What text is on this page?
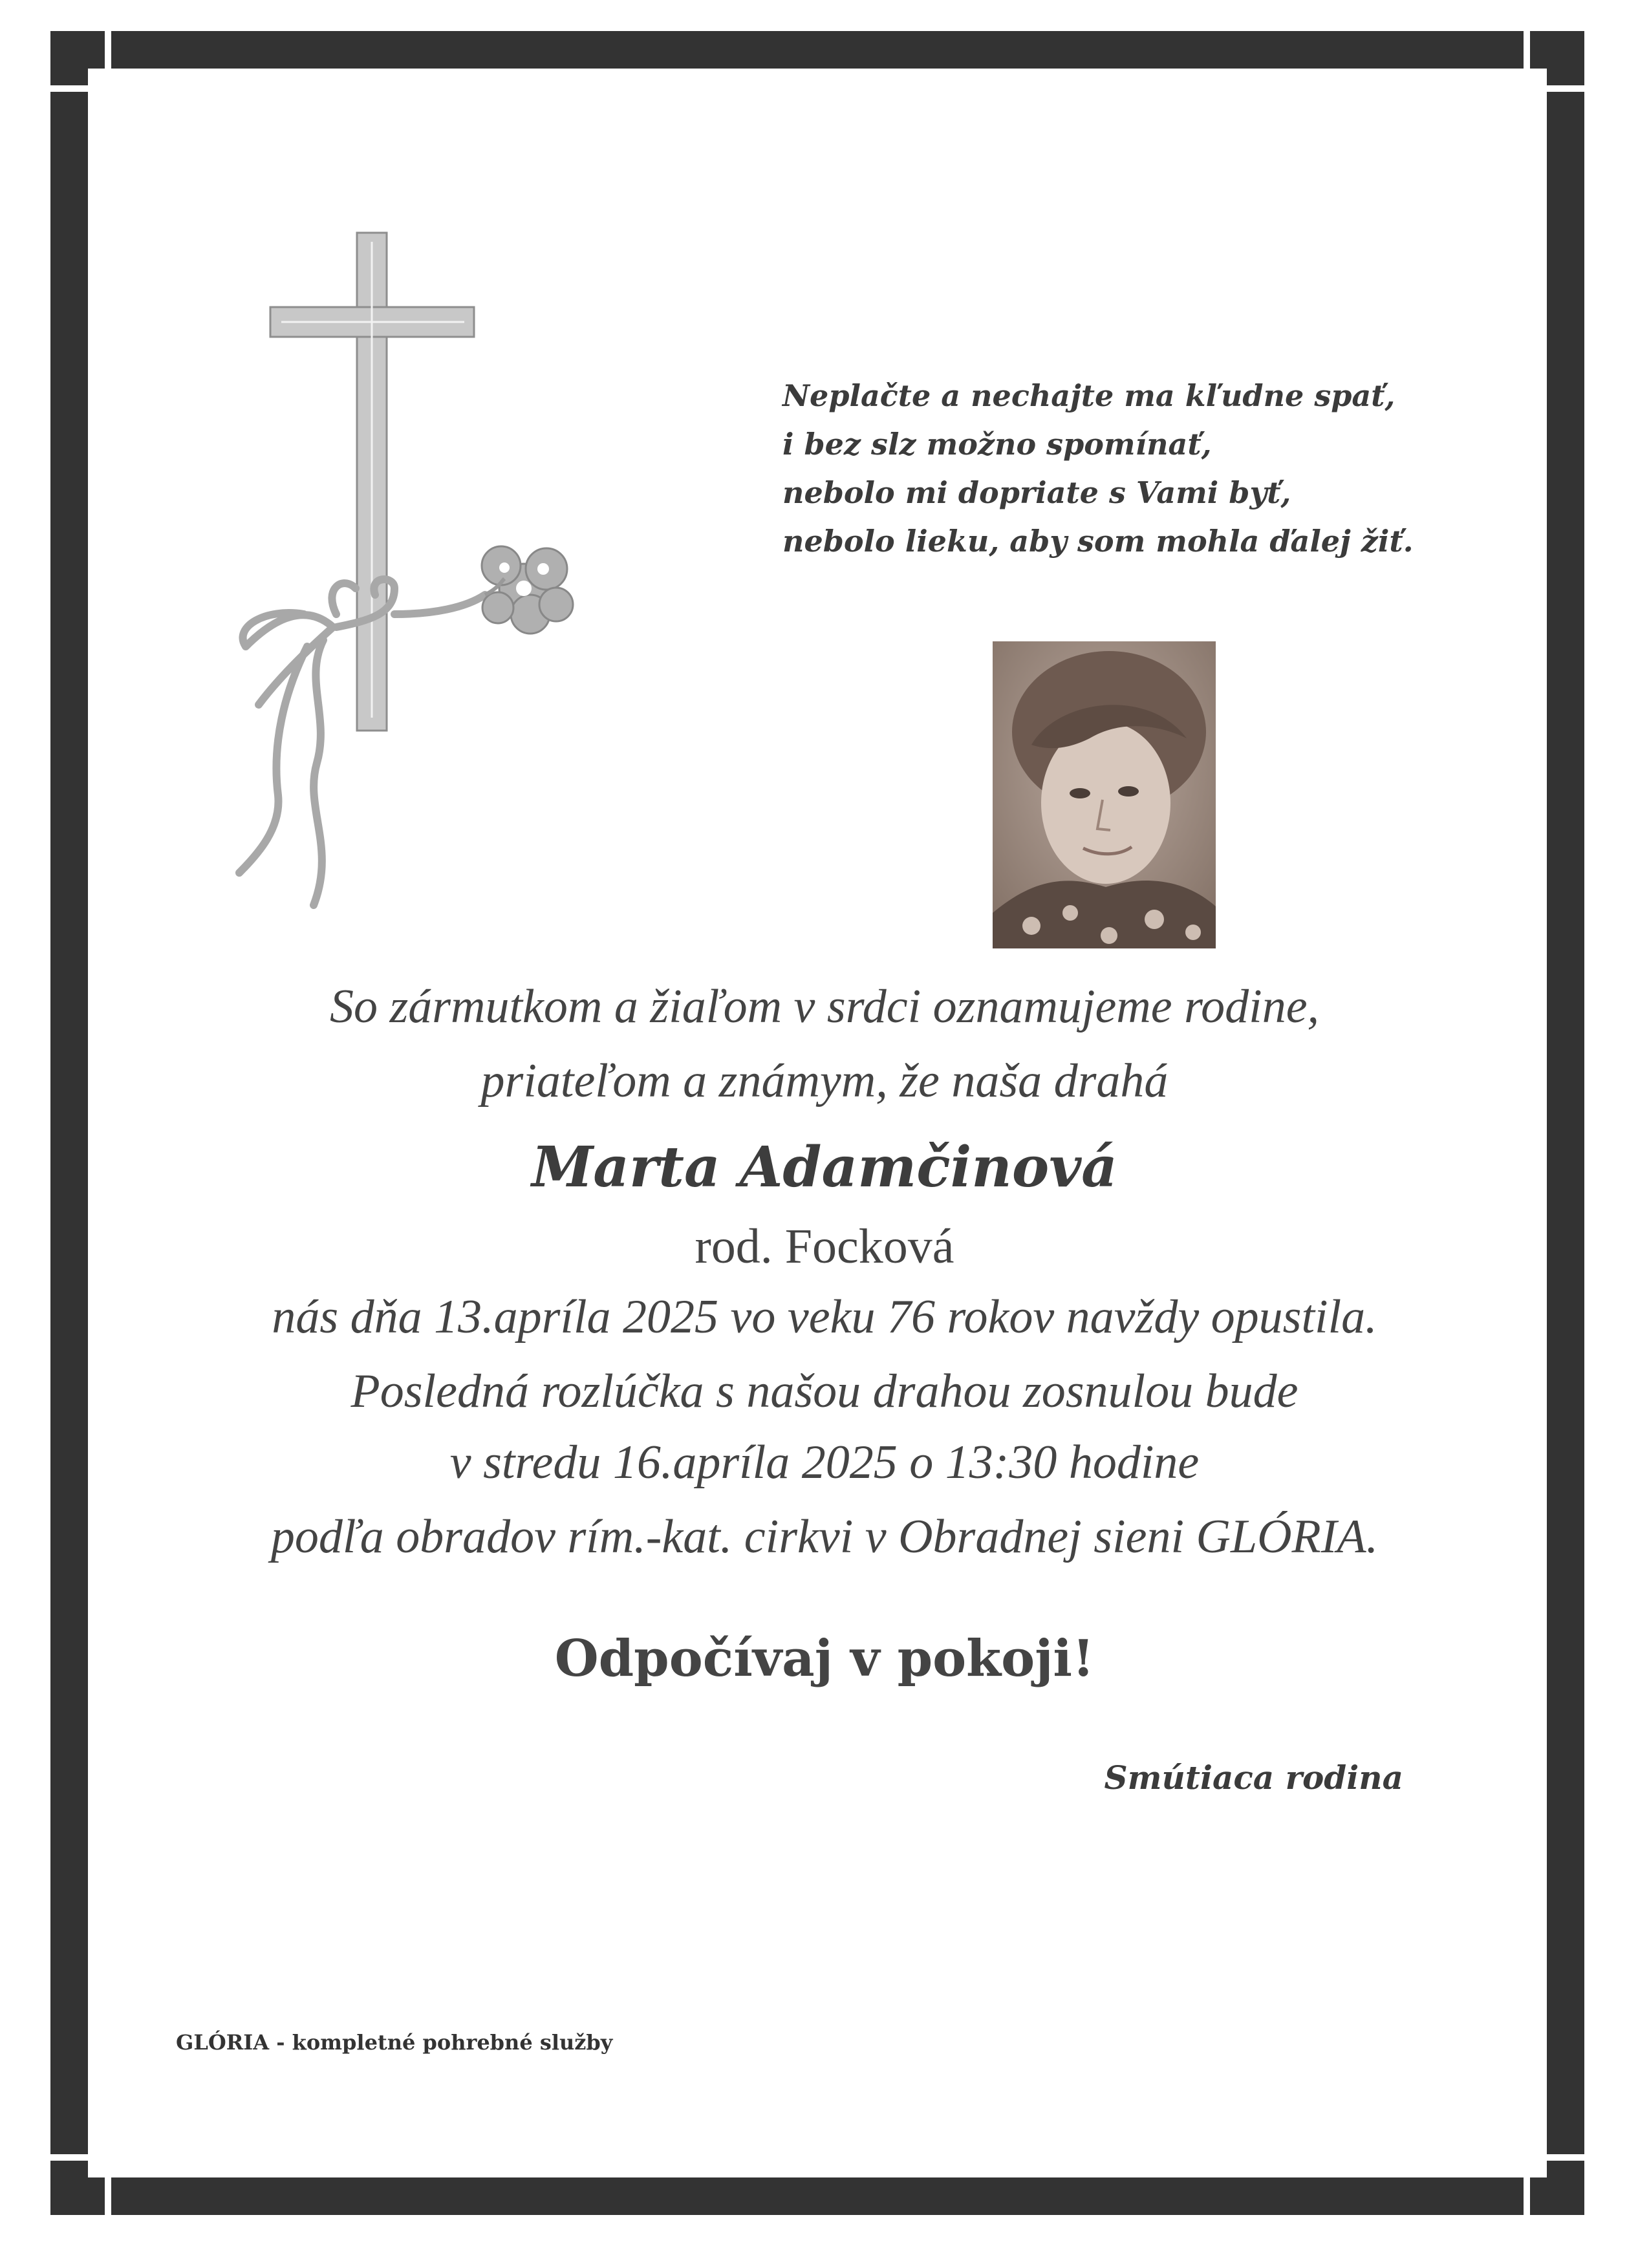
Neplačte a nechajte ma kľudne spať,
i bez slz možno spomínať,
nebolo mi dopriate s Vami byť,
nebolo lieku, aby som mohla ďalej žiť.
So zármutkom a žiaľom v srdci oznamujeme rodine,
priateľom a známym, že naša drahá
Marta Adamčinová
rod. Focková
nás dňa 13.apríla 2025 vo veku 76 rokov navždy opustila.
Posledná rozlúčka s našou drahou zosnulou bude
v stredu 16.apríla 2025 o 13:30 hodine
podľa obradov rím.-kat. cirkvi v Obradnej sieni GLÓRIA.
Odpočívaj v pokoji!
Smútiaca rodina
GLÓRIA - kompletné pohrebné služby
